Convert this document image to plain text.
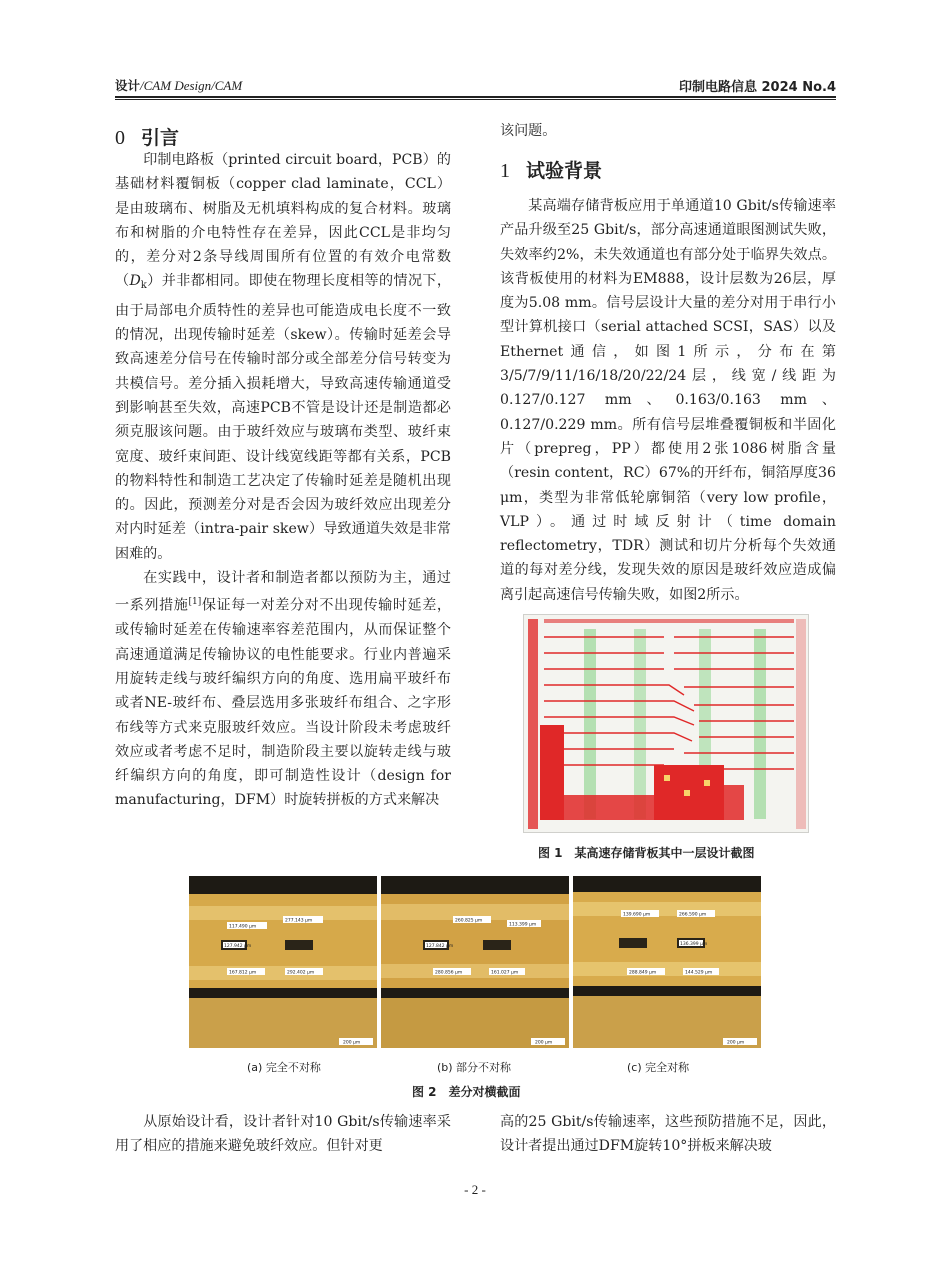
设计/CAM Design/CAM	印制电路信息 2024 No.4
0 引言

印制电路板（printed circuit board，PCB）的基础材料覆铜板（copper clad laminate，CCL）是由玻璃布、树脂及无机填料构成的复合材料。玻璃布和树脂的介电特性存在差异，因此CCL是非均匀的，差分对2条导线周围所有位置的有效介电常数$(D_k)$并非都相同。即使在物理长度相等的情况下，由于局部电介质特性的差异也可能造成电长度不一致的情况，出现传输时延差（skew）。传输时延差会导致高速差分信号在传输时部分或全部差分信号转变为共模信号。差分插入损耗增大，导致高速传输通道受到影响甚至失效，高速PCB不管是设计还是制造都必须克服该问题。由于玻纤效应与玻璃布类型、玻纤束宽度、玻纤束间距、设计线宽线距等都有关系，PCB的物料特性和制造工艺决定了传输时延差是随机出现的。因此，预测差分对是否会因为玻纤效应出现差分对内时延差（intra-pair skew）导致通道失效是非常困难的。

在实践中，设计者和制造者都以预防为主，通过一系列措施[1]保证每一对差分对不出现传输时延差，或传输时延差在传输速率容差范围内，从而保证整个高速通道满足传输协议的电性能要求。行业内普遍采用旋转走线与玻纤编织方向的角度、选用扁平玻纤布或者NE-玻纤布、叠层选用多张玻纤布组合、之字形布线等方式来克服玻纤效应。当设计阶段未考虑玻纤效应或者考虑不足时，制造阶段主要以旋转走线与玻纤编织方向的角度，即可制造性设计（design for manufacturing，DFM）时旋转拼板的方式来解决

该问题。
1 试验背景

某高端存储背板应用于单通道10 Gbit/s传输速率产品升级至25 Gbit/s，部分高速通道眼图测试失败，失效率约2%，未失效通道也有部分处于临界失效点。该背板使用的材料为EM888，设计层数为26层，厚度为5.08 mm。信号层设计大量的差分对用于串行小型计算机接口（serial attached SCSI，SAS）以及Ethernet通信，如图1所示，分布在第3/5/7/9/11/16/18/20/22/24层，线宽/线距为0.127/0.127 mm、0.163/0.163 mm、0.127/0.229 mm。所有信号层堆叠覆铜板和半固化片（prepreg，PP）都使用2张1086树脂含量（resin content，RC）67%的开纤布，铜箔厚度36 μm，类型为非常低轮廓铜箔（very low profile，VLP）。通过时域反射计（time domain reflectometry，TDR）测试和切片分析每个失效通道的每对差分线，发现失效的原因是玻纤效应造成偏离引起高速信号传输失败，如图2所示。

图 1　某高速存储背板其中一层设计截图
117.490 μm
277.143 μm
127.942 μm
167.812 μm	292.402 μm
200 μm
260.825 μm
113.399 μm
127.842 μm
280.856 μm	161.027 μm
200 μm
139.690 μm	266.590 μm
136.399 μm
288.849 μm	144.529 μm
200 μm
(a) 完全不对称	(b) 部分不对称	(c) 完全对称
图 2　差分对横截面

从原始设计看，设计者针对10 Gbit/s传输速率采用了相应的措施来避免玻纤效应。但针对更

高的25 Gbit/s传输速率，这些预防措施不足，因此，设计者提出通过DFM旋转10°拼板来解决玻
- 2 -
